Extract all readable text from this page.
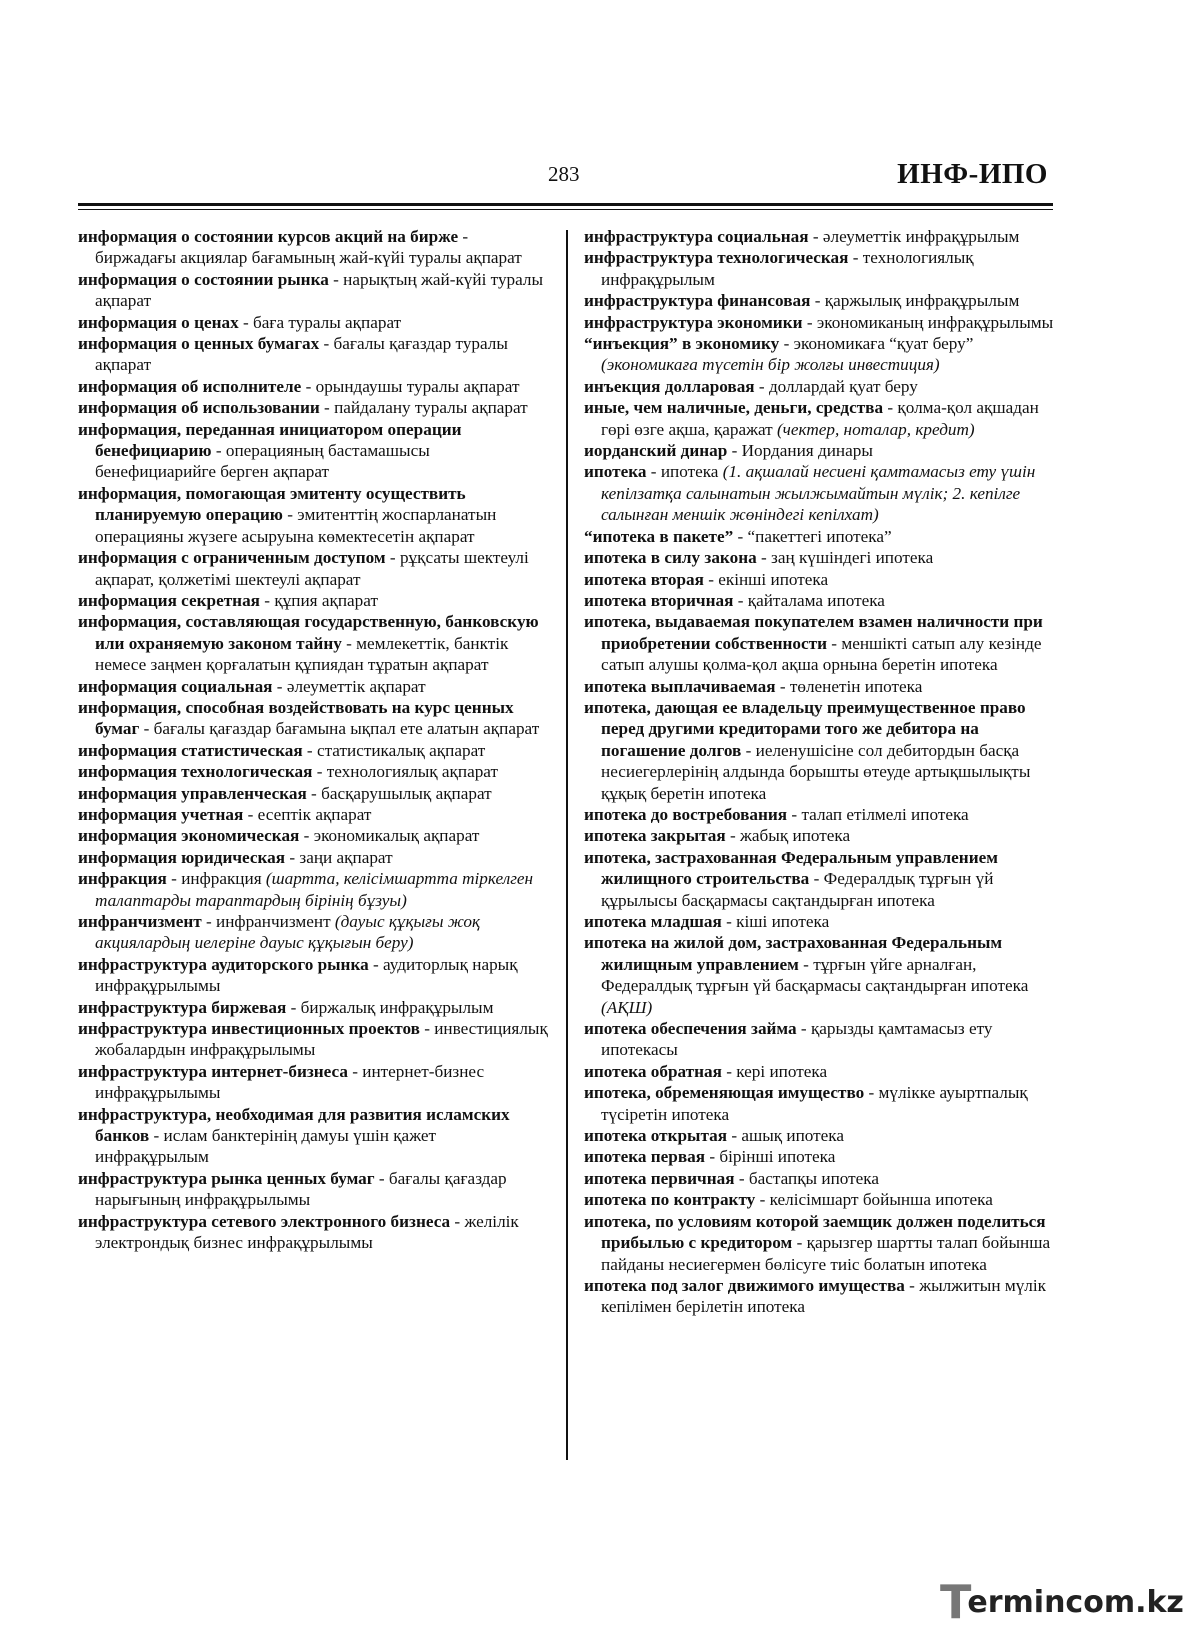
283	ИНФ-ИПО

информация о состоянии курсов акций на бирже - биржадағы акциялар бағамының жай-күйі туралы ақпарат

информация о состоянии рынка - нарықтың жай-күйі туралы ақпарат

информация о ценах - баға туралы ақпарат

информация о ценных бумагах - бағалы қағаздар туралы ақпарат

информация об исполнителе - орындаушы туралы ақпарат

информация об использовании - пайдалану туралы ақпарат

информация, переданная инициатором операции бенефициарию - операцияның бастамашысы бенефициарийге берген ақпарат

информация, помогающая эмитенту осуществить планируемую операцию - эмитенттің жоспарланатын операцияны жүзеге асыруына көмектесетін ақпарат

информация с ограниченным доступом - рұқсаты шектеулі ақпарат, қолжетімі шектеулі ақпарат

информация секретная - құпия ақпарат

информация, составляющая государственную, банковскую или охраняемую законом тайну - мемлекеттік, банктік немесе заңмен қорғалатын құпиядан тұратын ақпарат

информация социальная - әлеуметтік ақпарат

информация, способная воздействовать на курс ценных бумаг - бағалы қағаздар бағамына ықпал ете алатын ақпарат

информация статистическая - статистикалық ақпарат

информация технологическая - технологиялық ақпарат

информация управленческая - басқарушылық ақпарат

информация учетная - есептік ақпарат

информация экономическая - экономикалық ақпарат

информация юридическая - заңи ақпарат

инфракция - инфракция (шартта, келісімшартта тіркелген талаптарды тараптардың бірінің бұзуы)

инфранчизмент - инфранчизмент (дауыс құқығы жоқ акциялардың иелеріне дауыс құқығын беру)

инфраструктура аудиторского рынка - аудиторлық нарық инфрақұрылымы

инфраструктура биржевая - биржалық инфрақұрылым

инфраструктура инвестиционных проектов - инвестициялық жобалардын инфрақұрылымы

инфраструктура интернет-бизнеса - интернет-бизнес инфрақұрылымы

инфраструктура, необходимая для развития исламских банков - ислам банктерінің дамуы үшін қажет инфрақұрылым

инфраструктура рынка ценных бумаг - бағалы қағаздар нарығының инфрақұрылымы

инфраструктура сетевого электронного бизнеса - желілік электрондық бизнес инфрақұрылымы

инфраструктура социальная - әлеуметтік инфрақұрылым

инфраструктура технологическая - технологиялық инфрақұрылым

инфраструктура финансовая - қаржылық инфрақұрылым

инфраструктура экономики - экономиканың инфрақұрылымы

“инъекция” в экономику - экономикаға “қуат беру” (экономикаға түсетін бір жолғы инвестиция)

инъекция долларовая - доллардай қуат беру

иные, чем наличные, деньги, средства - қолма-қол ақшадан гөрі өзге ақша, қаражат (чектер, ноталар, кредит)

иорданский динар - Иордания динары

ипотека - ипотека (1. ақшалай несиені қамтамасыз ету үшін кепілзатқа салынатын жылжымайтын мүлік; 2. кепілге салынған меншік жөніндегі кепілхат)

“ипотека в пакете” - “пакеттегі ипотека”

ипотека в силу закона - заң күшіндегі ипотека

ипотека вторая - екінші ипотека

ипотека вторичная - қайталама ипотека

ипотека, выдаваемая покупателем взамен наличности при приобретении собственности - меншікті сатып алу кезінде сатып алушы қолма-қол ақша орнына беретін ипотека

ипотека выплачиваемая - төленетін ипотека

ипотека, дающая ее владельцу преимущественное право перед другими кредиторами того же дебитора на погашение долгов - иеленушісіне сол дебитордын басқа несиегерлерінің алдында борышты өтеуде артықшылықты құқық беретін ипотека

ипотека до востребования - талап етілмелі ипотека

ипотека закрытая - жабық ипотека

ипотека, застрахованная Федеральным управлением жилищного строительства - Федералдық тұрғын үй құрылысы басқармасы сақтандырған ипотека

ипотека младшая - кіші ипотека

ипотека на жилой дом, застрахованная Федеральным жилищным управлением - тұрғын үйге арналған, Федералдық тұрғын үй басқармасы сақтандырған ипотека (АҚШ)

ипотека обеспечения займа - қарызды қамтамасыз ету ипотекасы

ипотека обратная - кері ипотека

ипотека, обременяющая имущество - мүлікке ауыртпалық түсіретін ипотека

ипотека открытая - ашық ипотека

ипотека первая - бірінші ипотека

ипотека первичная - бастапқы ипотека

ипотека по контракту - келісімшарт бойынша ипотека

ипотека, по условиям которой заемщик должен поделиться прибылью с кредитором - қарызгер шартты талап бойынша пайданы несиегермен бөлісуге тиіс болатын ипотека

ипотека под залог движимого имущества - жылжитын мүлік кепілімен берілетін ипотека

T
ermincom.kz
